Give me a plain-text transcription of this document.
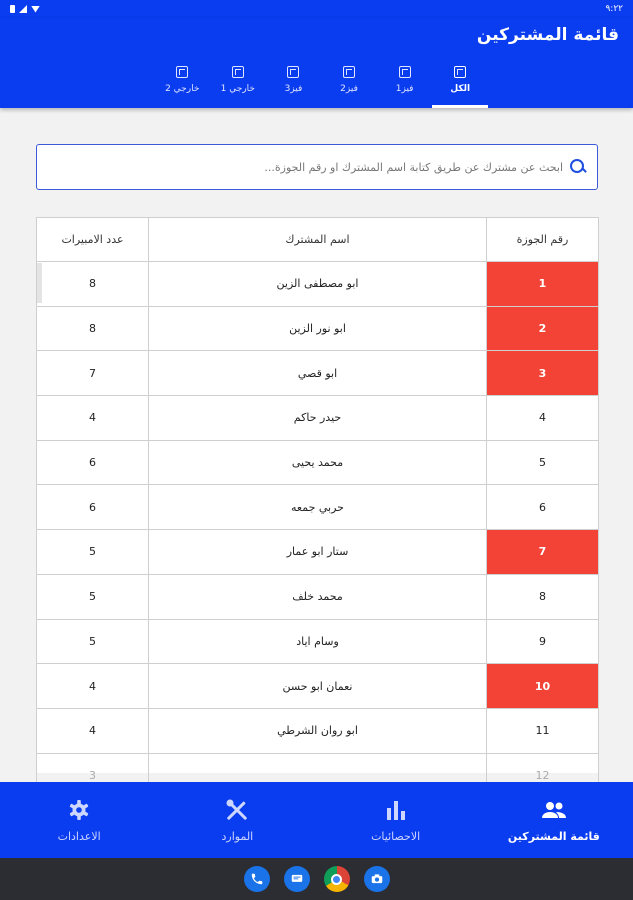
٩:٢٢
قائمة المشتركين
الكل
فيز1
فيز2
فيز3
خارجي 1
خارجي 2
ابحث عن مشترك عن طريق كتابة اسم المشترك او رقم الجوزة...
رقم الجوزة	اسم المشترك	عدد الامبيرات
1	ابو مصطفى الزين	8
2	ابو نور الزين	8
3	ابو قصي	7
4	حيدر حاكم	4
5	محمد يحيى	6
6	حربي جمعه	6
7	ستار ابو عمار	5
8	محمد خلف	5
9	وسام اياد	5
10	نعمان ابو حسن	4
11	ابو روان الشرطي	4
12		3
قائمة المشتركين
الاحصائيات
الموارد
الاعدادات
